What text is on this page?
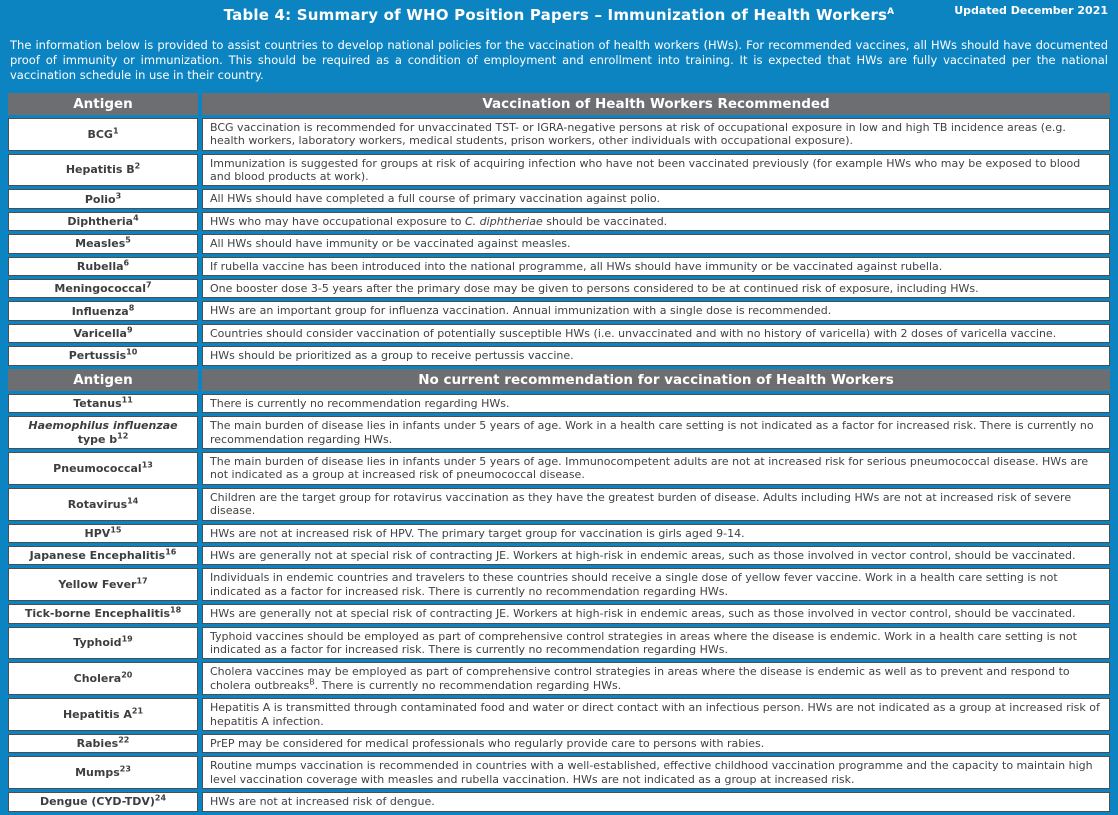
Updated December 2021
Table 4: Summary of WHO Position Papers – Immunization of Health Workers$^A$
The information below is provided to assist countries to develop national policies for the vaccination of health workers (HWs). For recommended vaccines, all HWs should have documented proof of immunity or immunization. This should be required as a condition of employment and enrollment into training. It is expected that HWs are fully vaccinated per the national vaccination schedule in use in their country.
Antigen	Vaccination of Health Workers Recommended
BCG$^1$	BCG vaccination is recommended for unvaccinated TST- or IGRA-negative persons at risk of occupational exposure in low and high TB incidence areas (e.g. health workers, laboratory workers, medical students, prison workers, other individuals with occupational exposure).
Hepatitis $B^2$	Immunization is suggested for groups at risk of acquiring infection who have not been vaccinated previously (for example HWs who may be exposed to blood and blood products at work).
Polio$^3$	All HWs should have completed a full course of primary vaccination against polio.
Diphtheria$^4$	HWs who may have occupational exposure to C. diphtheriae should be vaccinated.
Measles$^5$	All HWs should have immunity or be vaccinated against measles.
Rubella$^6$	If rubella vaccine has been introduced into the national programme, all HWs should have immunity or be vaccinated against rubella.
Meningococcal$^7$	One booster dose 3-5 years after the primary dose may be given to persons considered to be at continued risk of exposure, including HWs.
Influenza$^8$	HWs are an important group for influenza vaccination. Annual immunization with a single dose is recommended.
Varicella$^9$	Countries should consider vaccination of potentially susceptible HWs (i.e. unvaccinated and with no history of varicella) with 2 doses of varicella vaccine.
Pertussis$^{10}$	HWs should be prioritized as a group to receive pertussis vaccine.
Antigen	No current recommendation for vaccination of Health Workers
Tetanus$^{11}$	There is currently no recommendation regarding HWs.
Haemophilus influenzae type $b^{12}$	The main burden of disease lies in infants under 5 years of age. Work in a health care setting is not indicated as a factor for increased risk. There is currently no recommendation regarding HWs.
Pneumococcal$^{13}$	The main burden of disease lies in infants under 5 years of age. Immunocompetent adults are not at increased risk for serious pneumococcal disease. HWs are not indicated as a group at increased risk of pneumococcal disease.
Rotavirus$^{14}$	Children are the target group for rotavirus vaccination as they have the greatest burden of disease. Adults including HWs are not at increased risk of severe disease.
HPV$^{15}$	HWs are not at increased risk of HPV. The primary target group for vaccination is girls aged 9-14.
Japanese Encephalitis$^{16}$	HWs are generally not at special risk of contracting JE. Workers at high-risk in endemic areas, such as those involved in vector control, should be vaccinated.
Yellow Fever$^{17}$	Individuals in endemic countries and travelers to these countries should receive a single dose of yellow fever vaccine. Work in a health care setting is not indicated as a factor for increased risk. There is currently no recommendation regarding HWs.
Tick-borne Encephalitis$^{18}$	HWs are generally not at special risk of contracting JE. Workers at high-risk in endemic areas, such as those involved in vector control, should be vaccinated.
Typhoid$^{19}$	Typhoid vaccines should be employed as part of comprehensive control strategies in areas where the disease is endemic. Work in a health care setting is not indicated as a factor for increased risk. There is currently no recommendation regarding HWs.
Cholera$^{20}$	Cholera vaccines may be employed as part of comprehensive control strategies in areas where the disease is endemic as well as to prevent and respond to cholera outbreaks$^B$. There is currently no recommendation regarding HWs.
Hepatitis $A^{21}$	Hepatitis A is transmitted through contaminated food and water or direct contact with an infectious person. HWs are not indicated as a group at increased risk of hepatitis A infection.
Rabies$^{22}$	PrEP may be considered for medical professionals who regularly provide care to persons with rabies.
Mumps$^{23}$	Routine mumps vaccination is recommended in countries with a well-established, effective childhood vaccination programme and the capacity to maintain high level vaccination coverage with measles and rubella vaccination. HWs are not indicated as a group at increased risk.
Dengue $(CYD-TDV)^{24}$	HWs are not at increased risk of dengue.
